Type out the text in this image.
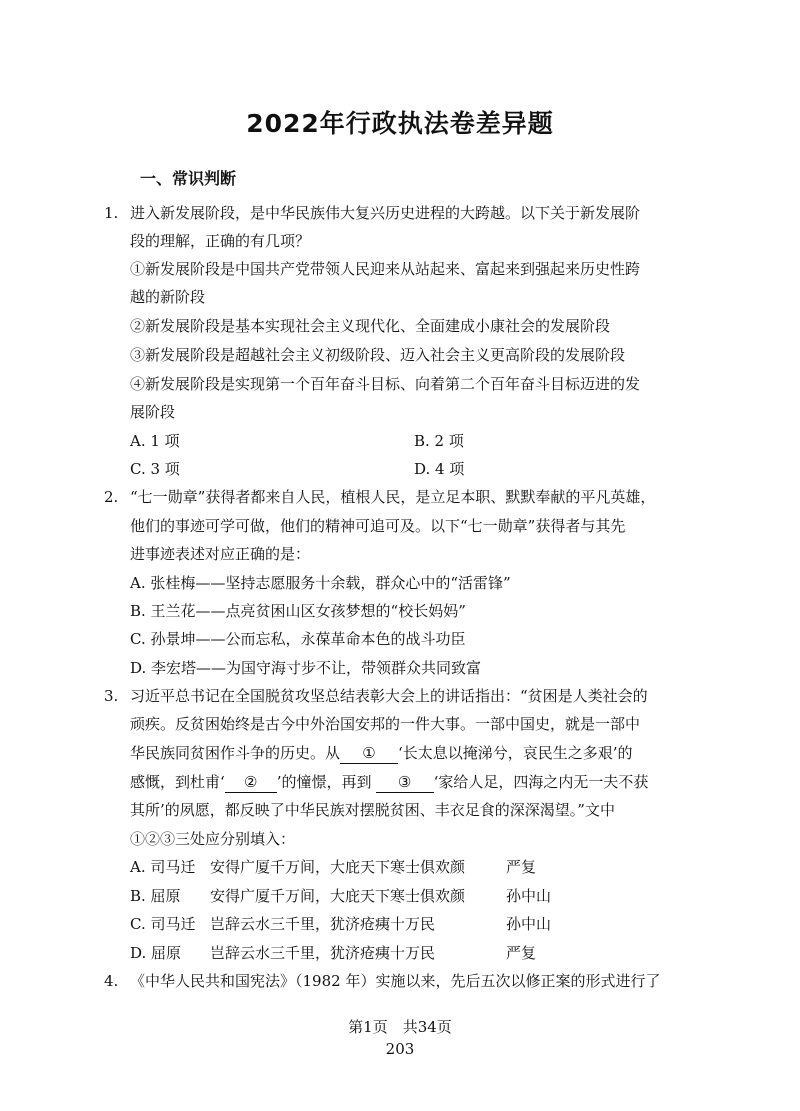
2022年行政执法卷差异题
一、常识判断
1. 进入新发展阶段，是中华民族伟大复兴历史进程的大跨越。以下关于新发展阶
段的理解，正确的有几项？
①新发展阶段是中国共产党带领人民迎来从站起来、富起来到强起来历史性跨
越的新阶段
②新发展阶段是基本实现社会主义现代化、全面建成小康社会的发展阶段
③新发展阶段是超越社会主义初级阶段、迈入社会主义更高阶段的发展阶段
④新发展阶段是实现第一个百年奋斗目标、向着第二个百年奋斗目标迈进的发
展阶段
A. 1 项	B. 2 项
C. 3 项	D. 4 项
2. “七一勋章”获得者都来自人民，植根人民，是立足本职、默默奉献的平凡英雄，
他们的事迹可学可做，他们的精神可追可及。以下“七一勋章”获得者与其先
进事迹表述对应正确的是：
A. 张桂梅——坚持志愿服务十余载，群众心中的“活雷锋”
B. 王兰花——点亮贫困山区女孩梦想的“校长妈妈”
C. 孙景坤——公而忘私，永葆革命本色的战斗功臣
D. 李宏塔——为国守海寸步不让，带领群众共同致富
3. 习近平总书记在全国脱贫攻坚总结表彰大会上的讲话指出：“贫困是人类社会的
顽疾。反贫困始终是古今中外治国安邦的一件大事。一部中国史，就是一部中
华民族同贫困作斗争的历史。从 ① ‘长太息以掩涕兮，哀民生之多艰’的
感慨，到杜甫‘ ② ’的憧憬，再到 ③ ‘家给人足，四海之内无一夫不获
其所’的夙愿，都反映了中华民族对摆脱贫困、丰衣足食的深深渴望。”文中
①②③三处应分别填入：
A. 司马迁 安得广厦千万间，大庇天下寒士俱欢颜	严复
B. 屈原 安得广厦千万间，大庇天下寒士俱欢颜	孙中山
C. 司马迁 岂辞云水三千里，犹济疮痍十万民	孙中山
D. 屈原 岂辞云水三千里，犹济疮痍十万民	严复
4. 《中华人民共和国宪法》（1982 年）实施以来，先后五次以修正案的形式进行了
第1页　共34页
203
